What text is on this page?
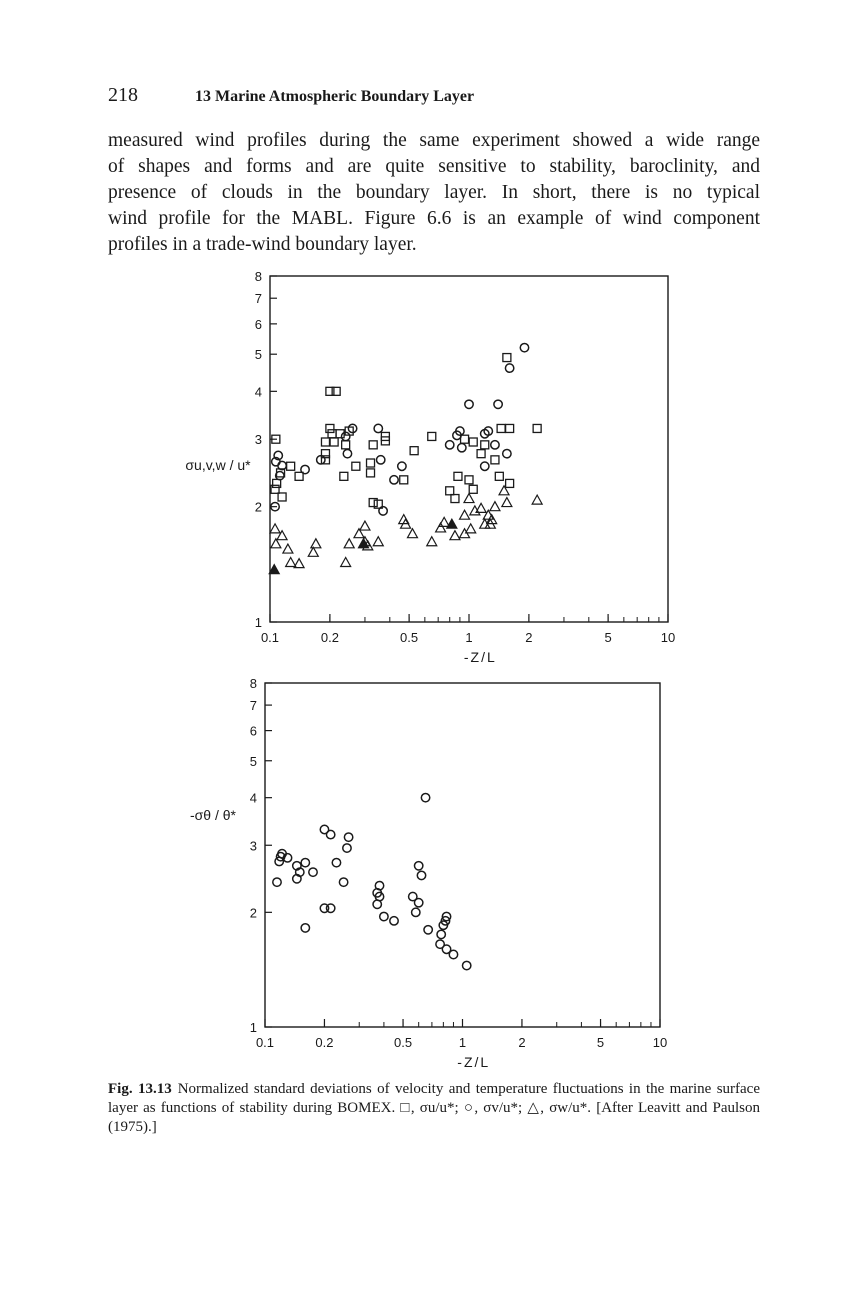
218	13 Marine Atmospheric Boundary Layer
measured wind profiles during the same experiment showed a wide range
of shapes and forms and are quite sensitive to stability, baroclinity, and
presence of clouds in the boundary layer. In short, there is no typical
wind profile for the MABL. Figure 6.6 is an example of wind component
profiles in a trade-wind boundary layer.
0.1	0.2	0.5	1	2	5	10
1
2
3
4
5
6
7
8
-Z/L
σu,v,w / u*
0.1	0.2	0.5	1	2	5	10
1
2
3
4
5
6
7
8
-Z/L
-σθ / θ*
Fig. 13.13 Normalized standard deviations of velocity and temperature fluctuations in the marine surface layer as functions of stability during BOMEX. □, σu/u*; ○, σv/u*; △, σw/u*. [After Leavitt and Paulson (1975).]
